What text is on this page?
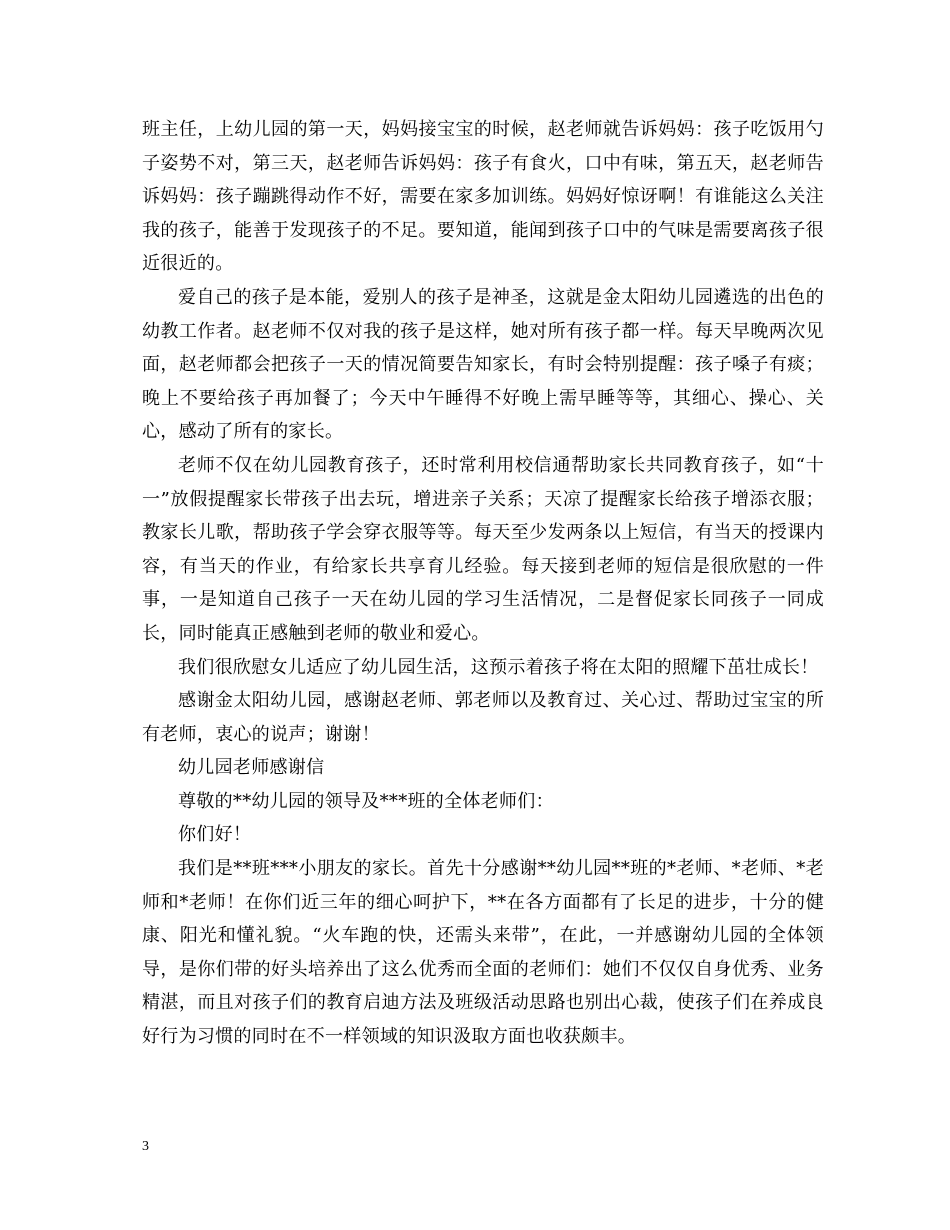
班主任，上幼儿园的第一天，妈妈接宝宝的时候，赵老师就告诉妈妈：孩子吃饭用勺子姿势不对，第三天，赵老师告诉妈妈：孩子有食火，口中有味，第五天，赵老师告诉妈妈：孩子蹦跳得动作不好，需要在家多加训练。妈妈好惊讶啊！有谁能这么关注我的孩子，能善于发现孩子的不足。要知道，能闻到孩子口中的气味是需要离孩子很近很近的。

爱自己的孩子是本能，爱别人的孩子是神圣，这就是金太阳幼儿园遴选的出色的幼教工作者。赵老师不仅对我的孩子是这样，她对所有孩子都一样。每天早晚两次见面，赵老师都会把孩子一天的情况简要告知家长，有时会特别提醒：孩子嗓子有痰；晚上不要给孩子再加餐了；今天中午睡得不好晚上需早睡等等，其细心、操心、关心，感动了所有的家长。

老师不仅在幼儿园教育孩子，还时常利用校信通帮助家长共同教育孩子，如“十一”放假提醒家长带孩子出去玩，增进亲子关系；天凉了提醒家长给孩子增添衣服；教家长儿歌，帮助孩子学会穿衣服等等。每天至少发两条以上短信，有当天的授课内容，有当天的作业，有给家长共享育儿经验。每天接到老师的短信是很欣慰的一件事，一是知道自己孩子一天在幼儿园的学习生活情况，二是督促家长同孩子一同成长，同时能真正感触到老师的敬业和爱心。

我们很欣慰女儿适应了幼儿园生活，这预示着孩子将在太阳的照耀下茁壮成长！

感谢金太阳幼儿园，感谢赵老师、郭老师以及教育过、关心过、帮助过宝宝的所有老师，衷心的说声；谢谢！

幼儿园老师感谢信

尊敬的**幼儿园的领导及***班的全体老师们：

你们好！

我们是**班***小朋友的家长。首先十分感谢**幼儿园**班的*老师、*老师、*老师和*老师！在你们近三年的细心呵护下，**在各方面都有了长足的进步，十分的健康、阳光和懂礼貌。“火车跑的快，还需头来带”，在此，一并感谢幼儿园的全体领导，是你们带的好头培养出了这么优秀而全面的老师们：她们不仅仅自身优秀、业务精湛，而且对孩子们的教育启迪方法及班级活动思路也别出心裁，使孩子们在养成良好行为习惯的同时在不一样领域的知识汲取方面也收获颇丰。

3
